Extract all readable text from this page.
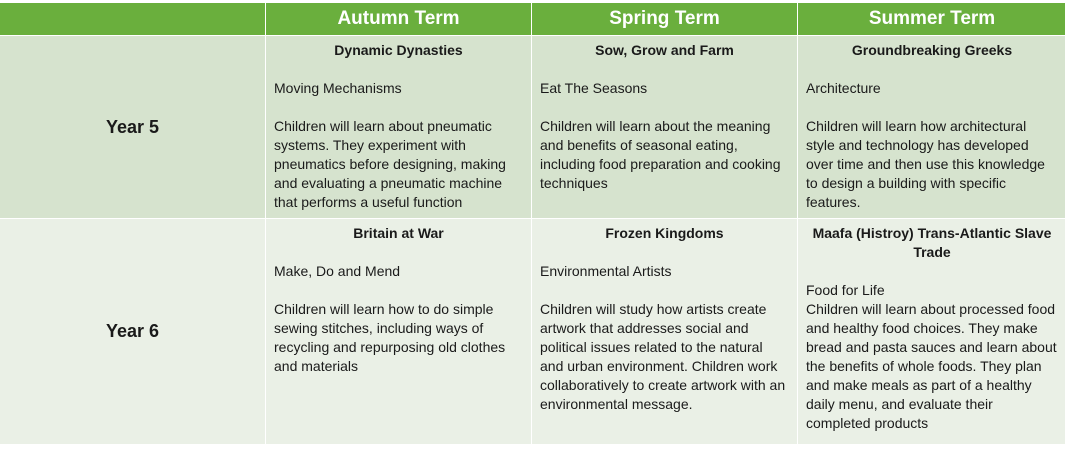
Autumn Term	Spring Term	Summer Term
Year 5

Dynamic Dynasties

Moving Mechanisms

Children will learn about pneumatic systems. They experiment with pneumatics before designing, making and evaluating a pneumatic machine that performs a useful function

Sow, Grow and Farm

Eat The Seasons

Children will learn about the meaning and benefits of seasonal eating, including food preparation and cooking techniques

Groundbreaking Greeks

Architecture

Children will learn how architectural style and technology has developed over time and then use this knowledge to design a building with specific features.

Year 6

Britain at War

Make, Do and Mend

Children will learn how to do simple sewing stitches, including ways of recycling and repurposing old clothes and materials

Frozen Kingdoms

Environmental Artists

Children will study how artists create artwork that addresses social and political issues related to the natural and urban environment. Children work collaboratively to create artwork with an environmental message.

Maafa (Histroy) Trans-Atlantic Slave Trade

Food for Life

Children will learn about processed food and healthy food choices. They make bread and pasta sauces and learn about the benefits of whole foods. They plan and make meals as part of a healthy daily menu, and evaluate their completed products
